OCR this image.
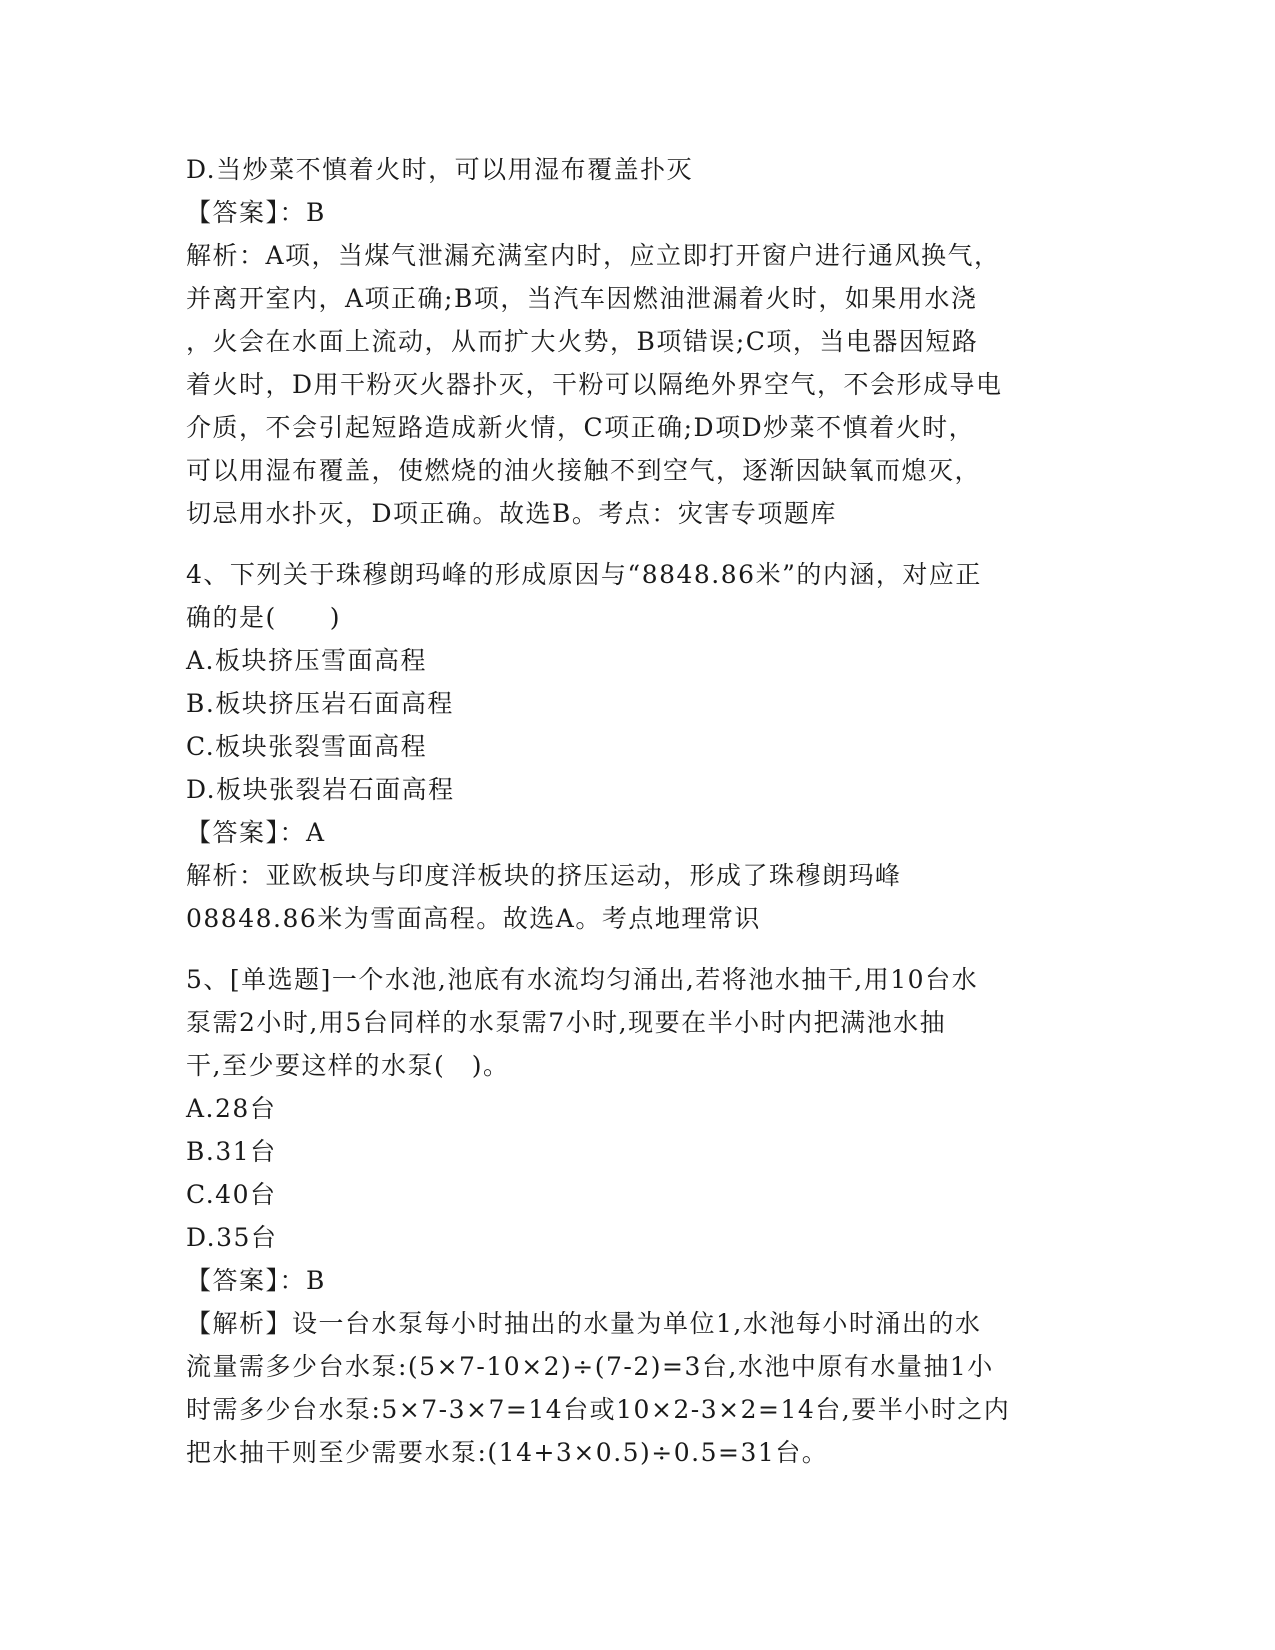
D.当炒菜不慎着火时，可以用湿布覆盖扑灭
【答案】：B
解析：A项，当煤气泄漏充满室内时，应立即打开窗户进行通风换气，
并离开室内，A项正确;B项，当汽车因燃油泄漏着火时，如果用水浇
，火会在水面上流动，从而扩大火势，B项错误;C项，当电器因短路
着火时，D用干粉灭火器扑灭，干粉可以隔绝外界空气，不会形成导电
介质，不会引起短路造成新火情，C项正确;D项D炒菜不慎着火时，
可以用湿布覆盖，使燃烧的油火接触不到空气，逐渐因缺氧而熄灭，
切忌用水扑灭，D项正确。故选B。考点：灾害专项题库
4、下列关于珠穆朗玛峰的形成原因与“8848.86米”的内涵，对应正
确的是(　　)
A.板块挤压雪面高程
B.板块挤压岩石面高程
C.板块张裂雪面高程
D.板块张裂岩石面高程
【答案】：A
解析：亚欧板块与印度洋板块的挤压运动，形成了珠穆朗玛峰
08848.86米为雪面高程。故选A。考点地理常识
5、[单选题]一个水池,池底有水流均匀涌出,若将池水抽干,用10台水
泵需2小时,用5台同样的水泵需7小时,现要在半小时内把满池水抽
干,至少要这样的水泵(　)。
A.28台
B.31台
C.40台
D.35台
【答案】：B
【解析】设一台水泵每小时抽出的水量为单位1,水池每小时涌出的水
流量需多少台水泵:(5×7-10×2)÷(7-2)=3台,水池中原有水量抽1小
时需多少台水泵:5×7-3×7=14台或10×2-3×2=14台,要半小时之内
把水抽干则至少需要水泵:(14+3×0.5)÷0.5=31台。
